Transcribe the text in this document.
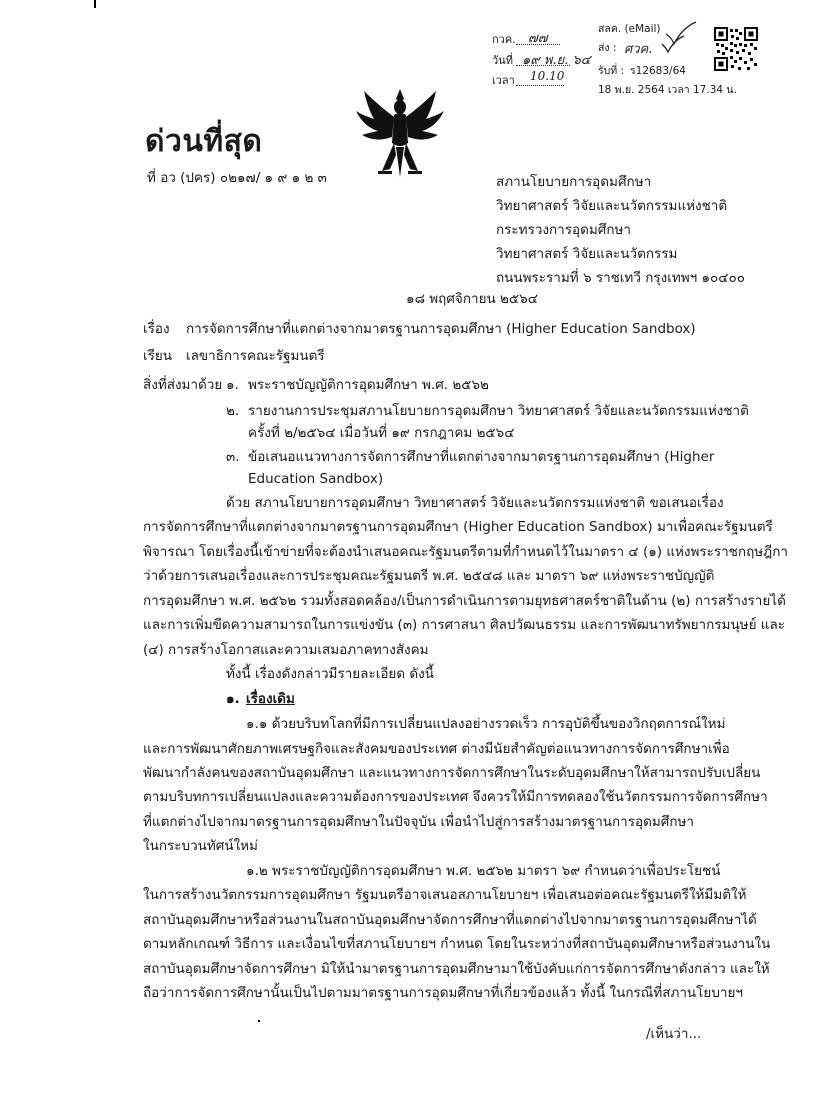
กวค. ๗๗
วันที่ ๑๙ พ.ย. ๖๔
เวลา 10.10
สลค. (eMail)
ส่ง : ศวค.
รับที่ : ร12683/64
18 พ.ย. 2564 เวลา 17.34 น.
ด่วนที่สุด
ที่ อว (ปคร) ๐๒๑๗/ ๑ ๙ ๑ ๒ ๓	สภานโยบายการอุดมศึกษา
วิทยาศาสตร์ วิจัยและนวัตกรรมแห่งชาติ
กระทรวงการอุดมศึกษา
วิทยาศาสตร์ วิจัยและนวัตกรรม
ถนนพระรามที่ ๖ ราชเทวี กรุงเทพฯ ๑๐๔๐๐
๑๘ พฤศจิกายน ๒๕๖๔
เรื่อง การจัดการศึกษาที่แตกต่างจากมาตรฐานการอุดมศึกษา (Higher Education Sandbox)
เรียน เลขาธิการคณะรัฐมนตรี
สิ่งที่ส่งมาด้วย ๑. พระราชบัญญัติการอุดมศึกษา พ.ศ. ๒๕๖๒
๒. รายงานการประชุมสภานโยบายการอุดมศึกษา วิทยาศาสตร์ วิจัยและนวัตกรรมแห่งชาติ
ครั้งที่ ๒/๒๕๖๔ เมื่อวันที่ ๑๙ กรกฎาคม ๒๕๖๔
๓. ข้อเสนอแนวทางการจัดการศึกษาที่แตกต่างจากมาตรฐานการอุดมศึกษา (Higher
Education Sandbox)
ด้วย สภานโยบายการอุดมศึกษา วิทยาศาสตร์ วิจัยและนวัตกรรมแห่งชาติ ขอเสนอเรื่อง
การจัดการศึกษาที่แตกต่างจากมาตรฐานการอุดมศึกษา (Higher Education Sandbox) มาเพื่อคณะรัฐมนตรี
พิจารณา โดยเรื่องนี้เข้าข่ายที่จะต้องนำเสนอคณะรัฐมนตรีตามที่กำหนดไว้ในมาตรา ๔ (๑) แห่งพระราชกฤษฎีกา
ว่าด้วยการเสนอเรื่องและการประชุมคณะรัฐมนตรี พ.ศ. ๒๕๔๘ และ มาตรา ๖๙ แห่งพระราชบัญญัติ
การอุดมศึกษา พ.ศ. ๒๕๖๒ รวมทั้งสอดคล้อง/เป็นการดำเนินการตามยุทธศาสตร์ชาติในด้าน (๒) การสร้างรายได้
และการเพิ่มขีดความสามารถในการแข่งขัน (๓) การศาสนา ศิลปวัฒนธรรม และการพัฒนาทรัพยากรมนุษย์ และ
(๔) การสร้างโอกาสและความเสมอภาคทางสังคม
ทั้งนี้ เรื่องดังกล่าวมีรายละเอียด ดังนี้
๑. เรื่องเดิม
๑.๑ ด้วยบริบทโลกที่มีการเปลี่ยนแปลงอย่างรวดเร็ว การอุบัติขึ้นของวิกฤตการณ์ใหม่
และการพัฒนาศักยภาพเศรษฐกิจและสังคมของประเทศ ต่างมีนัยสำคัญต่อแนวทางการจัดการศึกษาเพื่อ
พัฒนากำลังคนของสถาบันอุดมศึกษา และแนวทางการจัดการศึกษาในระดับอุดมศึกษาให้สามารถปรับเปลี่ยน
ตามบริบทการเปลี่ยนแปลงและความต้องการของประเทศ จึงควรให้มีการทดลองใช้นวัตกรรมการจัดการศึกษา
ที่แตกต่างไปจากมาตรฐานการอุดมศึกษาในปัจจุบัน เพื่อนำไปสู่การสร้างมาตรฐานการอุดมศึกษา
ในกระบวนทัศน์ใหม่
๑.๒ พระราชบัญญัติการอุดมศึกษา พ.ศ. ๒๕๖๒ มาตรา ๖๙ กำหนดว่าเพื่อประโยชน์
ในการสร้างนวัตกรรมการอุดมศึกษา รัฐมนตรีอาจเสนอสภานโยบายฯ เพื่อเสนอต่อคณะรัฐมนตรีให้มีมติให้
สถาบันอุดมศึกษาหรือส่วนงานในสถาบันอุดมศึกษาจัดการศึกษาที่แตกต่างไปจากมาตรฐานการอุดมศึกษาได้
ตามหลักเกณฑ์ วิธีการ และเงื่อนไขที่สภานโยบายฯ กำหนด โดยในระหว่างที่สถาบันอุดมศึกษาหรือส่วนงานใน
สถาบันอุดมศึกษาจัดการศึกษา มิให้นำมาตรฐานการอุดมศึกษามาใช้บังคับแก่การจัดการศึกษาดังกล่าว และให้
ถือว่าการจัดการศึกษานั้นเป็นไปตามมาตรฐานการอุดมศึกษาที่เกี่ยวข้องแล้ว ทั้งนี้ ในกรณีที่สภานโยบายฯ
/เห็นว่า...
